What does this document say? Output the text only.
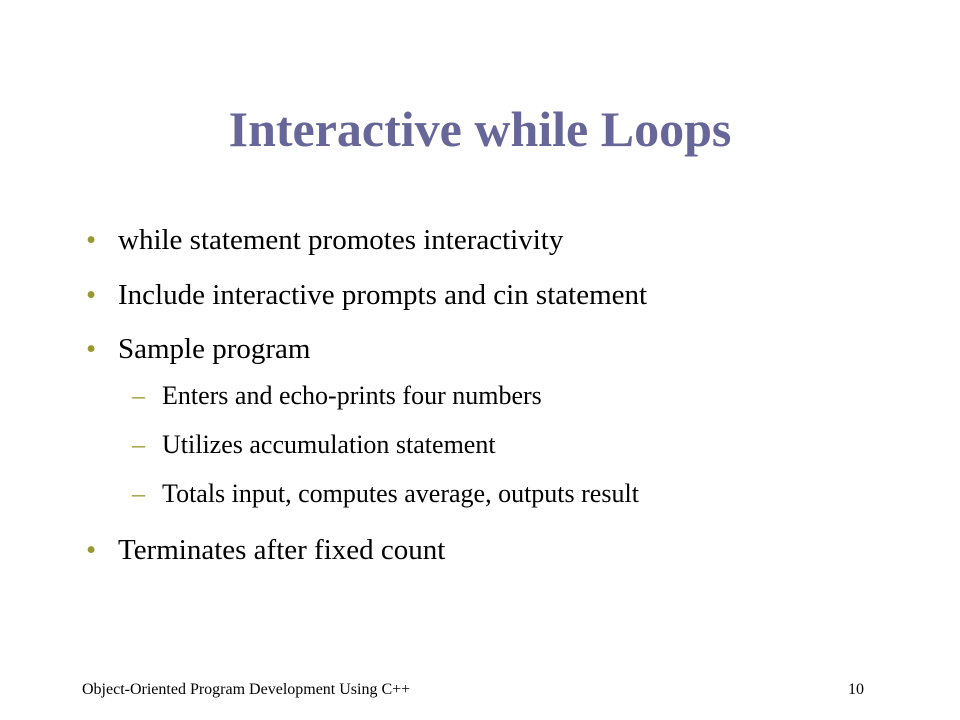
Interactive while Loops
• while statement promotes interactivity
• Include interactive prompts and cin statement
• Sample program
– Enters and echo-prints four numbers
– Utilizes accumulation statement
– Totals input, computes average, outputs result
• Terminates after fixed count
Object-Oriented Program Development Using C++	10
